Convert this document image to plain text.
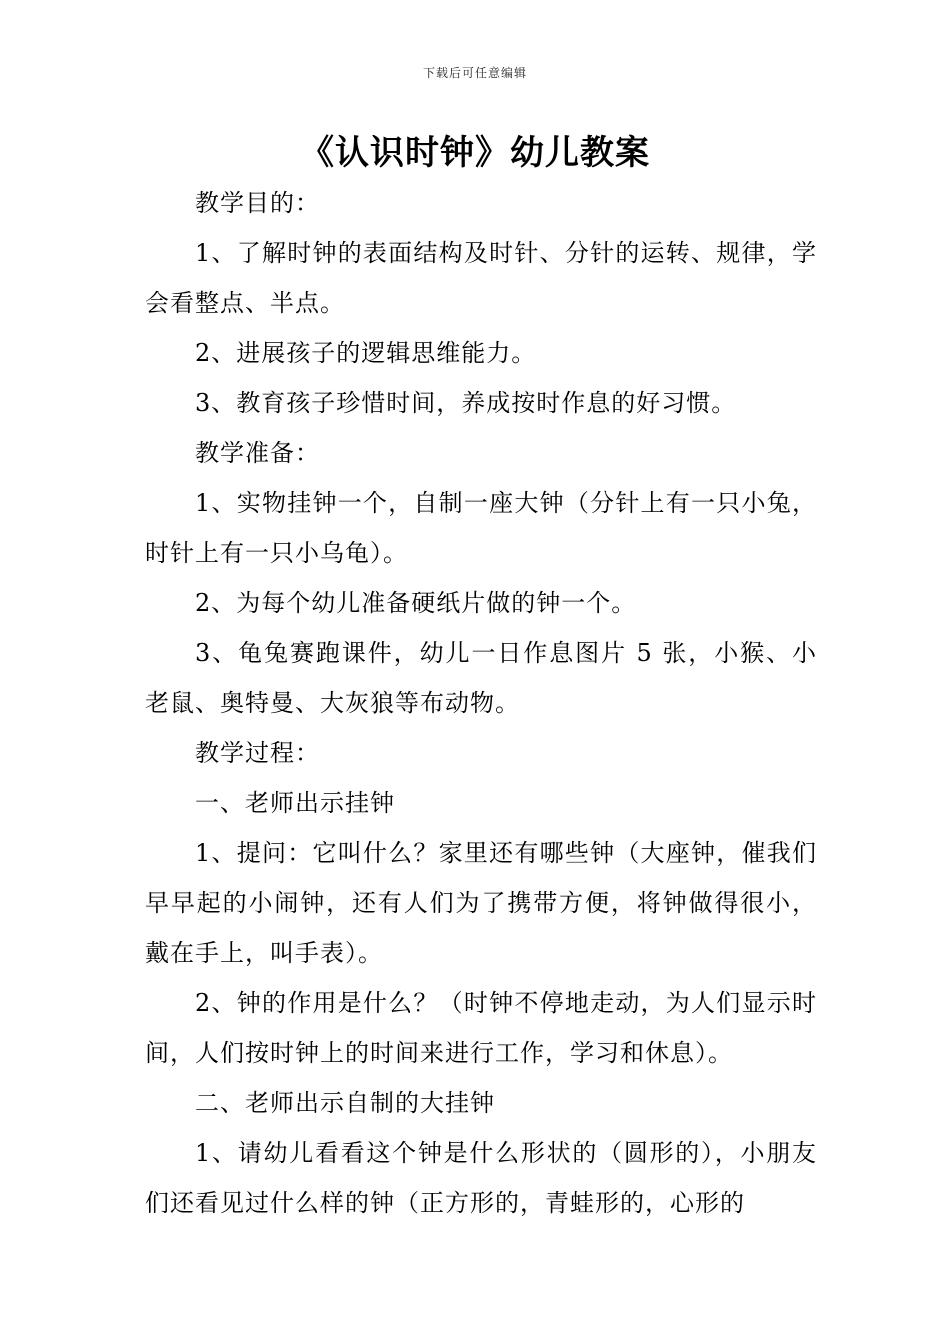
下载后可任意编辑
《认识时钟》幼儿教案

教学目的：

1、了解时钟的表面结构及时针、分针的运转、规律，学会看整点、半点。

2、进展孩子的逻辑思维能力。

3、教育孩子珍惜时间，养成按时作息的好习惯。

教学准备：

1、实物挂钟一个，自制一座大钟（分针上有一只小兔，时针上有一只小乌龟）。

2、为每个幼儿准备硬纸片做的钟一个。

3、龟兔赛跑课件，幼儿一日作息图片 5 张，小猴、小老鼠、奥特曼、大灰狼等布动物。

教学过程：

一、老师出示挂钟

1、提问：它叫什么？家里还有哪些钟（大座钟，催我们早早起的小闹钟，还有人们为了携带方便，将钟做得很小，戴在手上，叫手表）。

2、钟的作用是什么？（时钟不停地走动，为人们显示时间，人们按时钟上的时间来进行工作，学习和休息）。

二、老师出示自制的大挂钟

1、请幼儿看看这个钟是什么形状的（圆形的），小朋友们还看见过什么样的钟（正方形的，青蛙形的，心形的
